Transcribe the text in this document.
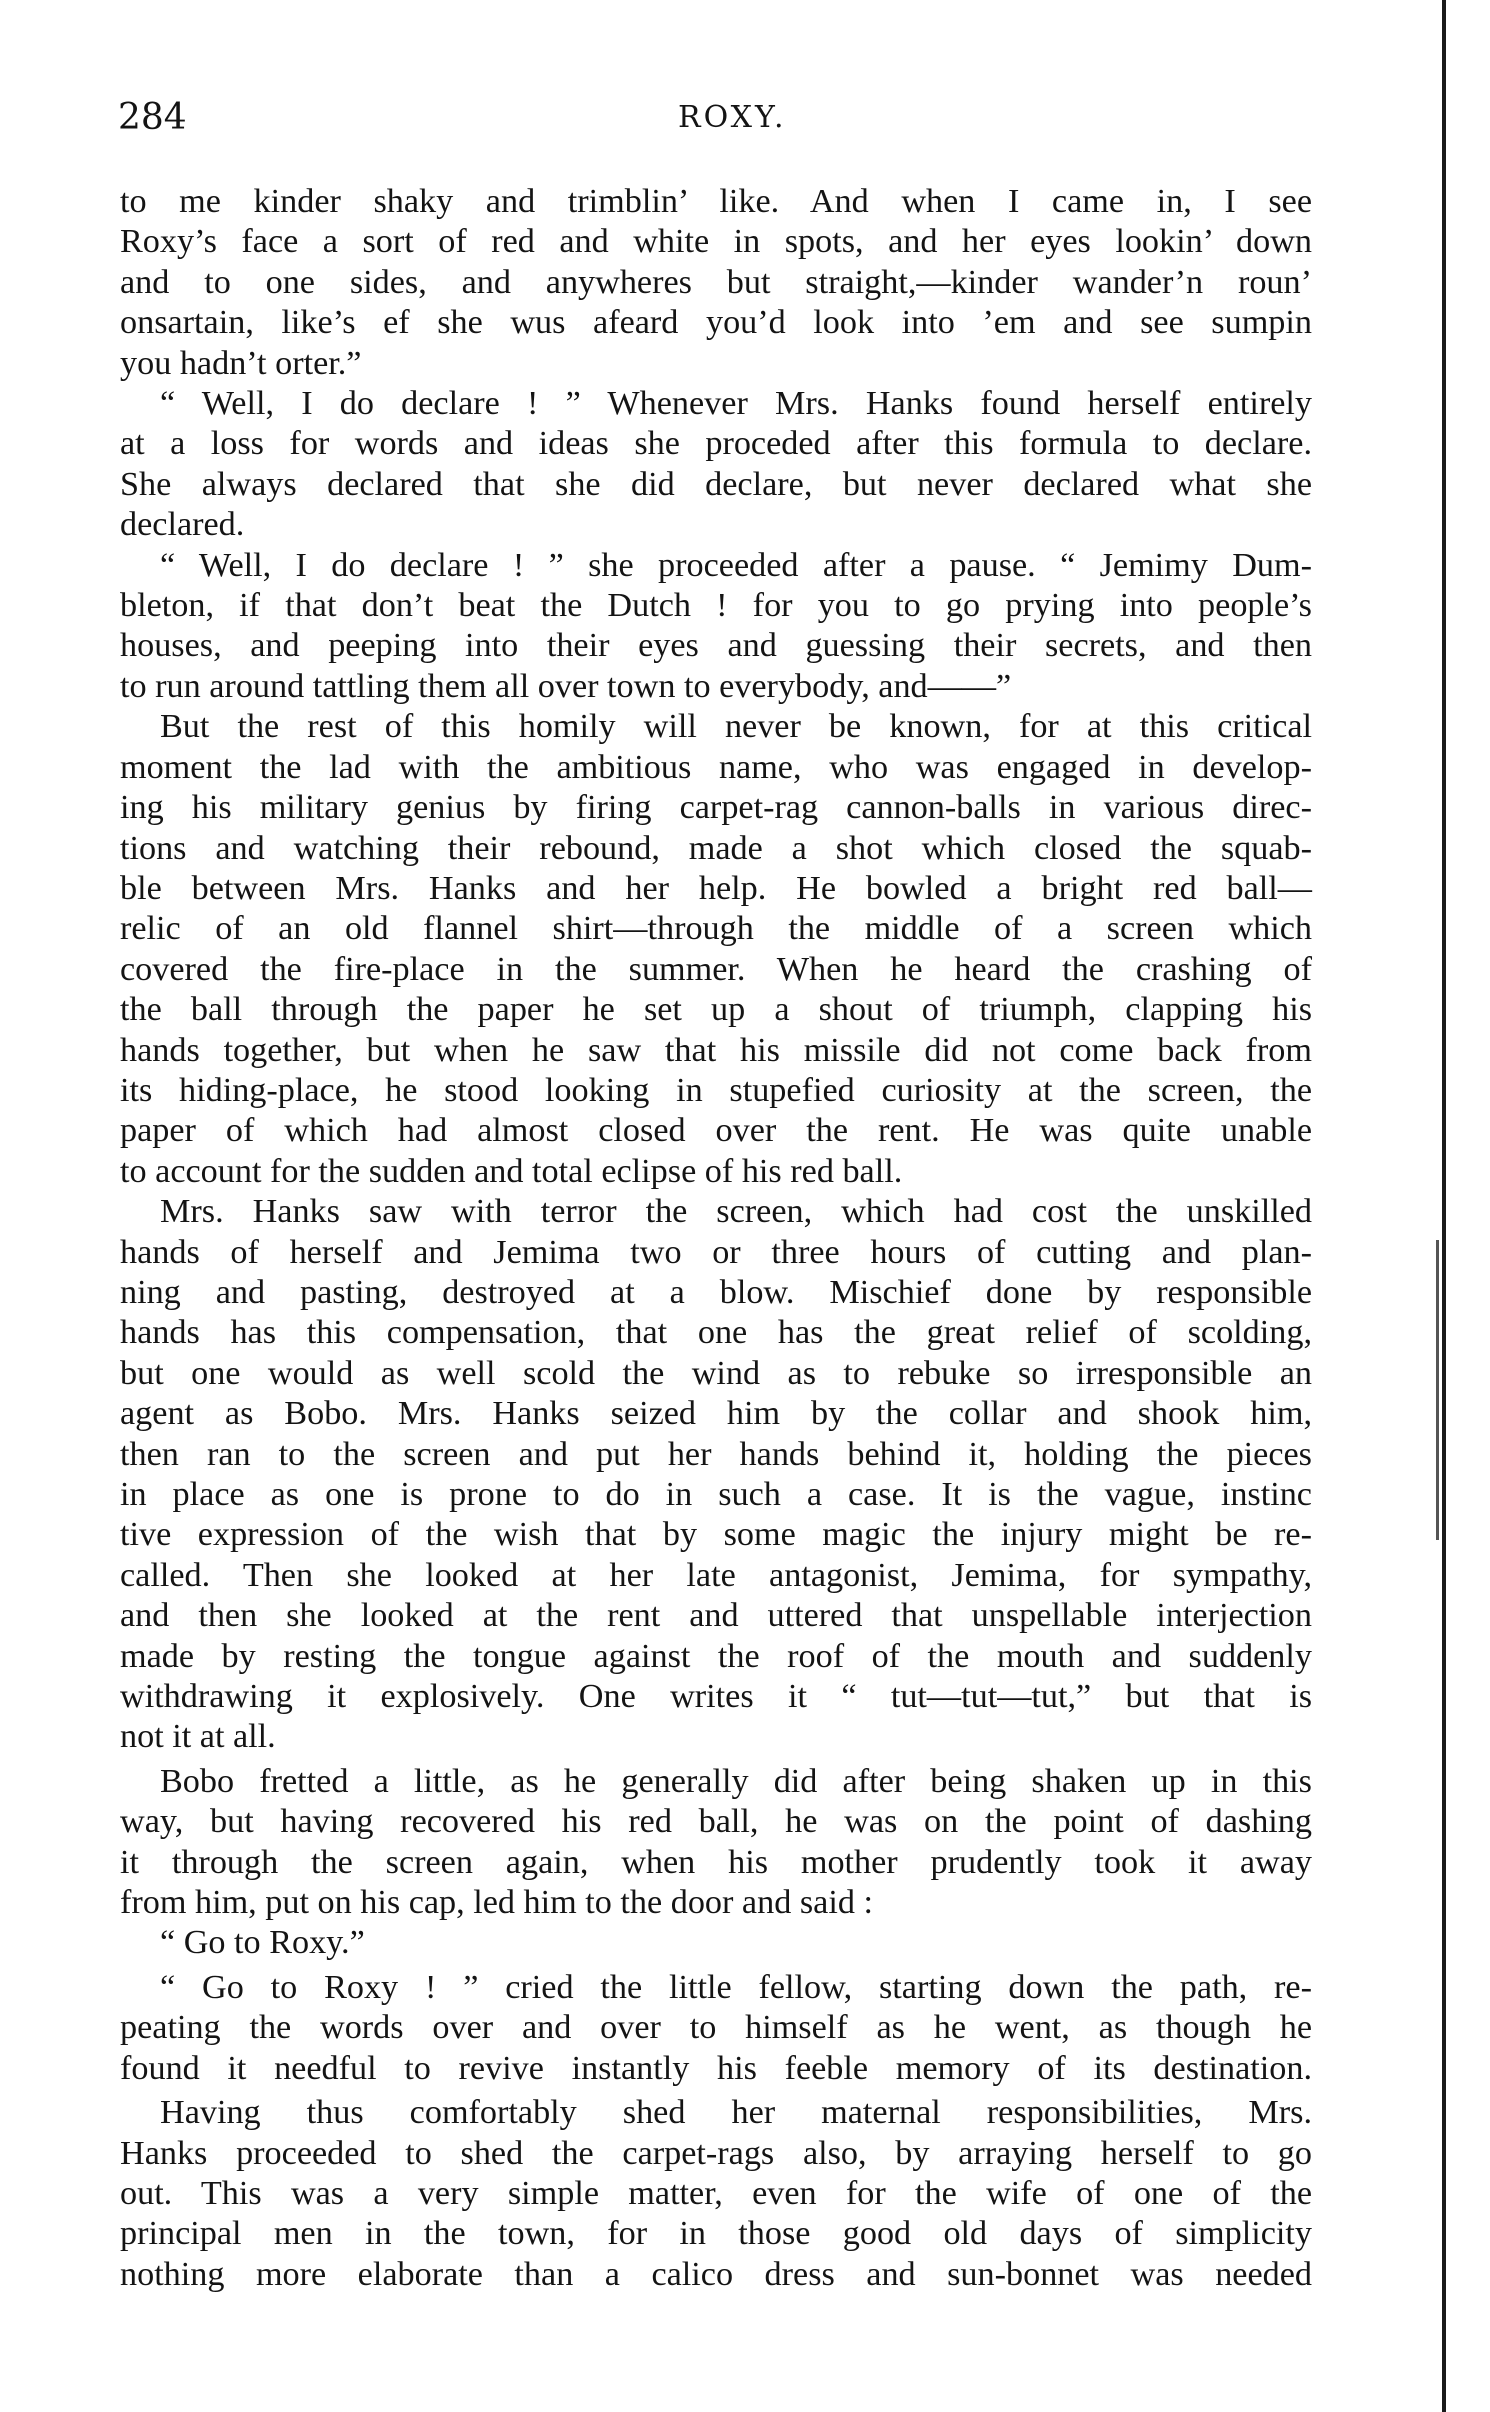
284	ROXY.
to me kinder shaky and trimblin’ like. And when I came in, I see
Roxy’s face a sort of red and white in spots, and her eyes lookin’ down
and to one sides, and anywheres but straight,—kinder wander’n roun’
onsartain, like’s ef she wus afeard you’d look into ’em and see sumpin
you hadn’t orter.”
“ Well, I do declare ! ” Whenever Mrs. Hanks found herself entirely
at a loss for words and ideas she proceded after this formula to declare.
She always declared that she did declare, but never declared what she
declared.
“ Well, I do declare ! ” she proceeded after a pause. “ Jemimy Dum-
bleton, if that don’t beat the Dutch ! for you to go prying into people’s
houses, and peeping into their eyes and guessing their secrets, and then
to run around tattling them all over town to everybody, and——”
But the rest of this homily will never be known, for at this critical
moment the lad with the ambitious name, who was engaged in develop-
ing his military genius by firing carpet-rag cannon-balls in various direc-
tions and watching their rebound, made a shot which closed the squab-
ble between Mrs. Hanks and her help. He bowled a bright red ball—
relic of an old flannel shirt—through the middle of a screen which
covered the fire-place in the summer. When he heard the crashing of
the ball through the paper he set up a shout of triumph, clapping his
hands together, but when he saw that his missile did not come back from
its hiding-place, he stood looking in stupefied curiosity at the screen, the
paper of which had almost closed over the rent. He was quite unable
to account for the sudden and total eclipse of his red ball.
Mrs. Hanks saw with terror the screen, which had cost the unskilled
hands of herself and Jemima two or three hours of cutting and plan-
ning and pasting, destroyed at a blow. Mischief done by responsible
hands has this compensation, that one has the great relief of scolding,
but one would as well scold the wind as to rebuke so irresponsible an
agent as Bobo. Mrs. Hanks seized him by the collar and shook him,
then ran to the screen and put her hands behind it, holding the pieces
in place as one is prone to do in such a case. It is the vague, instinc
tive expression of the wish that by some magic the injury might be re-
called. Then she looked at her late antagonist, Jemima, for sympathy,
and then she looked at the rent and uttered that unspellable interjection
made by resting the tongue against the roof of the mouth and suddenly
withdrawing it explosively. One writes it “ tut—tut—tut,” but that is
not it at all.
Bobo fretted a little, as he generally did after being shaken up in this
way, but having recovered his red ball, he was on the point of dashing
it through the screen again, when his mother prudently took it away
from him, put on his cap, led him to the door and said :
“ Go to Roxy.”
“ Go to Roxy ! ” cried the little fellow, starting down the path, re-
peating the words over and over to himself as he went, as though he
found it needful to revive instantly his feeble memory of its destination.
Having thus comfortably shed her maternal responsibilities, Mrs.
Hanks proceeded to shed the carpet-rags also, by arraying herself to go
out. This was a very simple matter, even for the wife of one of the
principal men in the town, for in those good old days of simplicity
nothing more elaborate than a calico dress and sun-bonnet was needed
